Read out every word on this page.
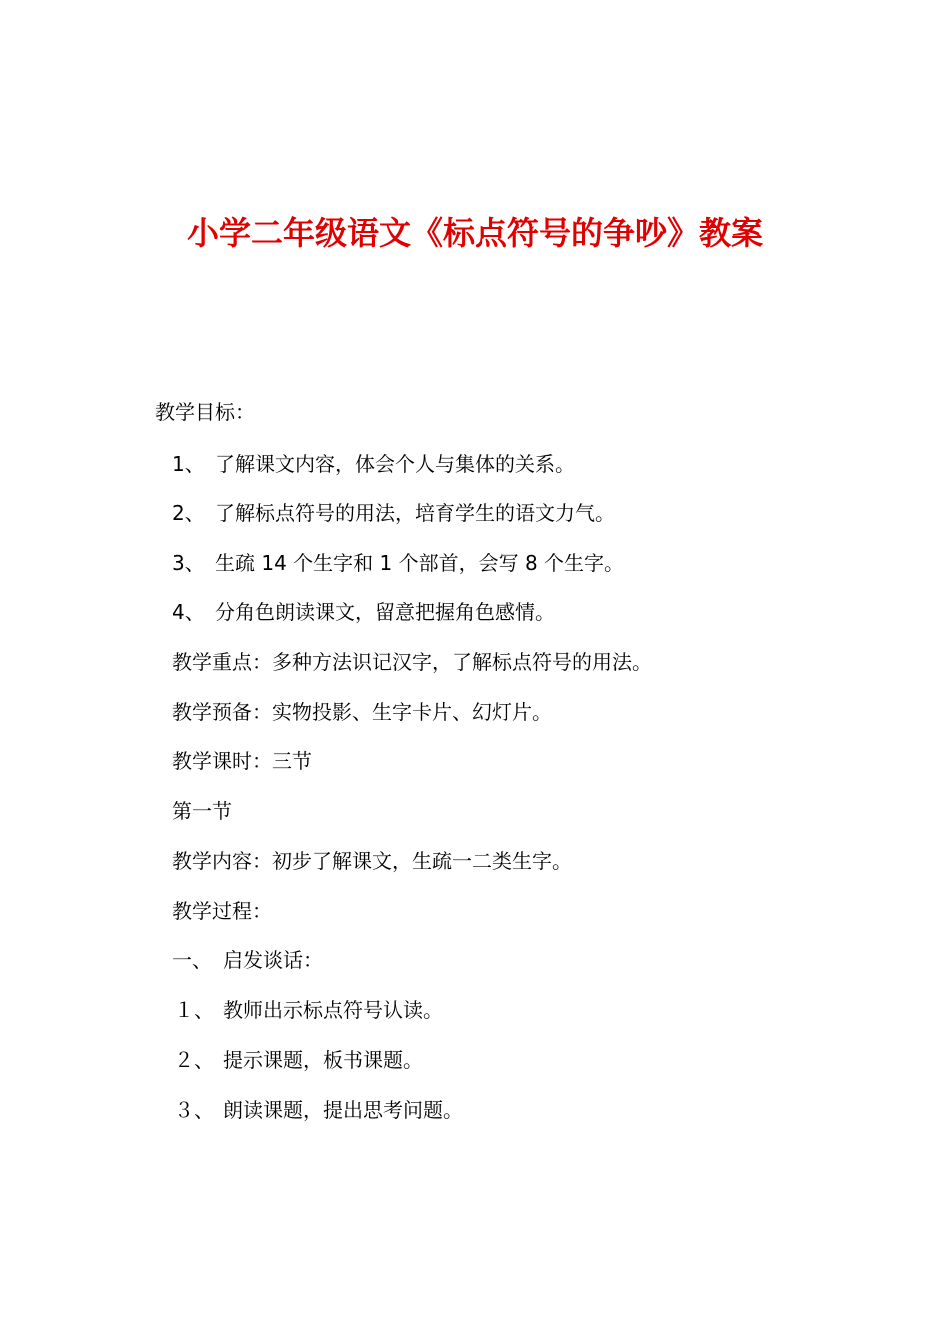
小学二年级语文《标点符号的争吵》教案
教学目标：
1、 了解课文内容，体会个人与集体的关系。
2、 了解标点符号的用法，培育学生的语文力气。
3、 生疏 14 个生字和 1 个部首，会写 8 个生字。
4、 分角色朗读课文，留意把握角色感情。
教学重点：多种方法识记汉字，了解标点符号的用法。
教学预备：实物投影、生字卡片、幻灯片。
教学课时：三节
第一节
教学内容：初步了解课文，生疏一二类生字。
教学过程：
一、 启发谈话：
１、 教师出示标点符号认读。
２、 提示课题，板书课题。
３、 朗读课题，提出思考问题。
